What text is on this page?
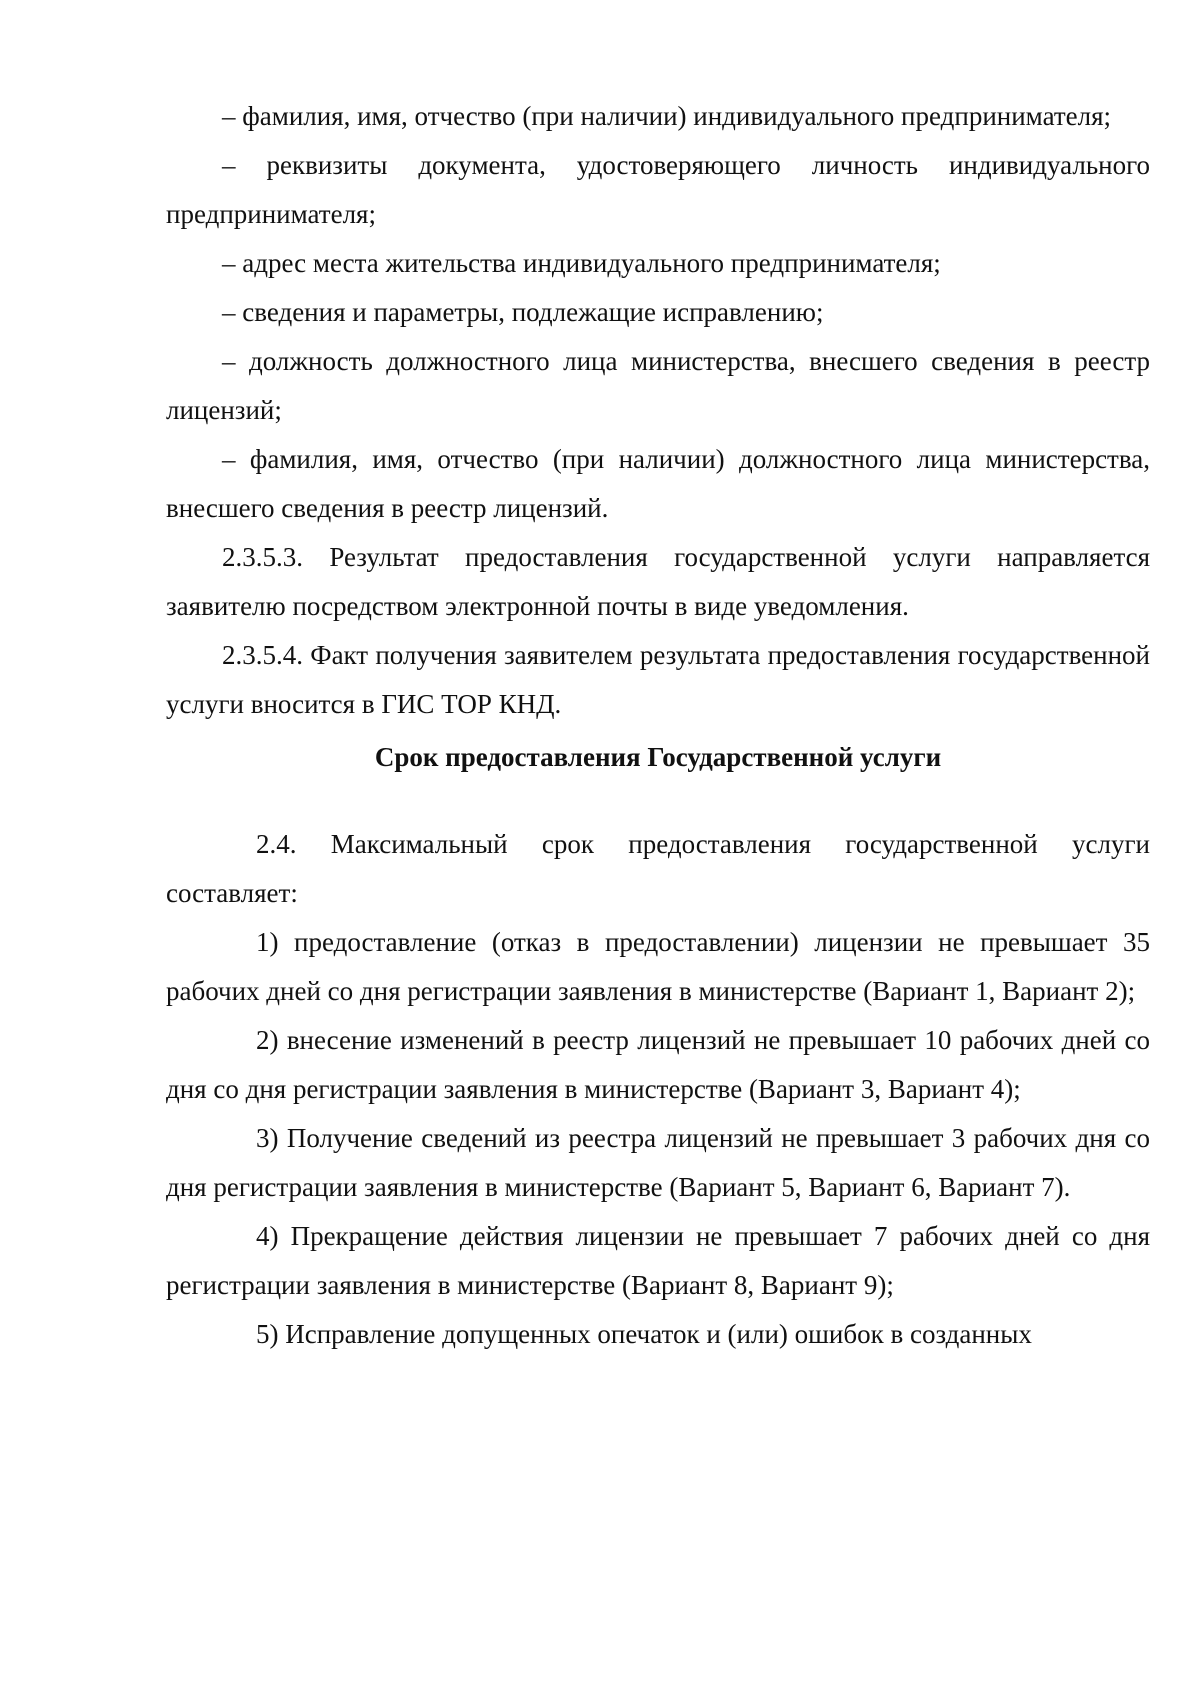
– фамилия, имя, отчество (при наличии) индивидуального предпринимателя;

– реквизиты документа, удостоверяющего личность индивидуального предпринимателя;

– адрес места жительства индивидуального предпринимателя;

– сведения и параметры, подлежащие исправлению;

– должность должностного лица министерства, внесшего сведения в реестр лицензий;

– фамилия, имя, отчество (при наличии) должностного лица министерства, внесшего сведения в реестр лицензий.

2.3.5.3. Результат предоставления государственной услуги направляется заявителю посредством электронной почты в виде уведомления.

2.3.5.4. Факт получения заявителем результата предоставления государственной услуги вносится в ГИС ТОР КНД.

Срок предоставления Государственной услуги

2.4. Максимальный срок предоставления государственной услуги составляет:

1) предоставление (отказ в предоставлении) лицензии не превышает 35 рабочих дней со дня регистрации заявления в министерстве (Вариант 1, Вариант 2);

2) внесение изменений в реестр лицензий не превышает 10 рабочих дней со дня со дня регистрации заявления в министерстве (Вариант 3, Вариант 4);

3) Получение сведений из реестра лицензий не превышает 3 рабочих дня со дня регистрации заявления в министерстве (Вариант 5, Вариант 6, Вариант 7).

4) Прекращение действия лицензии не превышает 7 рабочих дней со дня регистрации заявления в министерстве (Вариант 8, Вариант 9);

5) Исправление допущенных опечаток и (или) ошибок в созданных
